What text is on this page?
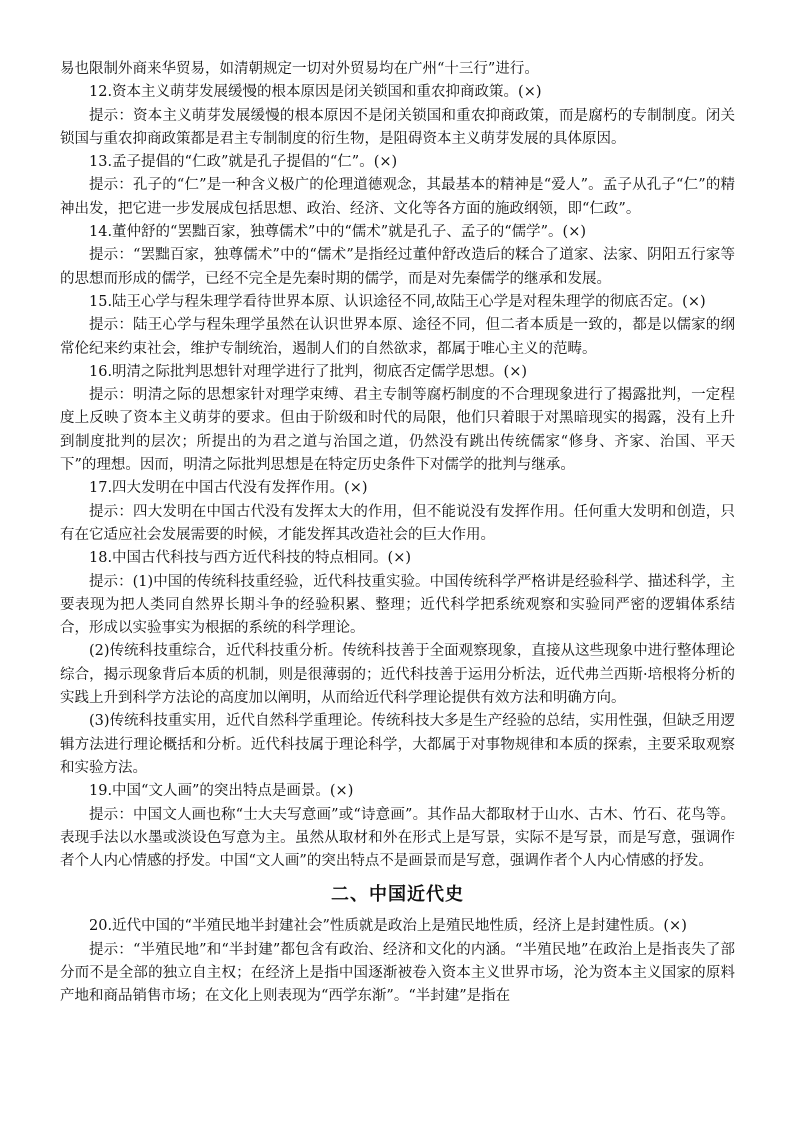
易也限制外商来华贸易，如清朝规定一切对外贸易均在广州“十三行”进行。

12.资本主义萌芽发展缓慢的根本原因是闭关锁国和重农抑商政策。(×)

提示：资本主义萌芽发展缓慢的根本原因不是闭关锁国和重农抑商政策，而是腐朽的专制制度。闭关锁国与重农抑商政策都是君主专制制度的衍生物，是阻碍资本主义萌芽发展的具体原因。

13.孟子提倡的“仁政”就是孔子提倡的“仁”。(×)

提示：孔子的“仁”是一种含义极广的伦理道德观念，其最基本的精神是“爱人”。孟子从孔子“仁”的精神出发，把它进一步发展成包括思想、政治、经济、文化等各方面的施政纲领，即“仁政”。

14.董仲舒的“罢黜百家，独尊儒术”中的“儒术”就是孔子、孟子的“儒学”。(×)

提示：“罢黜百家，独尊儒术”中的“儒术”是指经过董仲舒改造后的糅合了道家、法家、阴阳五行家等的思想而形成的儒学，已经不完全是先秦时期的儒学，而是对先秦儒学的继承和发展。

15.陆王心学与程朱理学看待世界本原、认识途径不同,故陆王心学是对程朱理学的彻底否定。(×)

提示：陆王心学与程朱理学虽然在认识世界本原、途径不同，但二者本质是一致的，都是以儒家的纲常伦纪来约束社会，维护专制统治，遏制人们的自然欲求，都属于唯心主义的范畴。

16.明清之际批判思想针对理学进行了批判，彻底否定儒学思想。(×)

提示：明清之际的思想家针对理学束缚、君主专制等腐朽制度的不合理现象进行了揭露批判，一定程度上反映了资本主义萌芽的要求。但由于阶级和时代的局限，他们只着眼于对黑暗现实的揭露，没有上升到制度批判的层次；所提出的为君之道与治国之道，仍然没有跳出传统儒家“修身、齐家、治国、平天下”的理想。因而，明清之际批判思想是在特定历史条件下对儒学的批判与继承。

17.四大发明在中国古代没有发挥作用。(×)

提示：四大发明在中国古代没有发挥太大的作用，但不能说没有发挥作用。任何重大发明和创造，只有在它适应社会发展需要的时候，才能发挥其改造社会的巨大作用。

18.中国古代科技与西方近代科技的特点相同。(×)

提示：(1)中国的传统科技重经验，近代科技重实验。中国传统科学严格讲是经验科学、描述科学，主要表现为把人类同自然界长期斗争的经验积累、整理；近代科学把系统观察和实验同严密的逻辑体系结合，形成以实验事实为根据的系统的科学理论。

(2)传统科技重综合，近代科技重分析。传统科技善于全面观察现象，直接从这些现象中进行整体理论综合，揭示现象背后本质的机制，则是很薄弱的；近代科技善于运用分析法，近代弗兰西斯·培根将分析的实践上升到科学方法论的高度加以阐明，从而给近代科学理论提供有效方法和明确方向。

(3)传统科技重实用，近代自然科学重理论。传统科技大多是生产经验的总结，实用性强，但缺乏用逻辑方法进行理论概括和分析。近代科技属于理论科学，大都属于对事物规律和本质的探索，主要采取观察和实验方法。

19.中国“文人画”的突出特点是画景。(×)

提示：中国文人画也称“士大夫写意画”或“诗意画”。其作品大都取材于山水、古木、竹石、花鸟等。表现手法以水墨或淡设色写意为主。虽然从取材和外在形式上是写景，实际不是写景，而是写意，强调作者个人内心情感的抒发。中国“文人画”的突出特点不是画景而是写意，强调作者个人内心情感的抒发。

二、中国近代史

20.近代中国的“半殖民地半封建社会”性质就是政治上是殖民地性质，经济上是封建性质。(×)

提示：“半殖民地”和“半封建”都包含有政治、经济和文化的内涵。“半殖民地”在政治上是指丧失了部分而不是全部的独立自主权；在经济上是指中国逐渐被卷入资本主义世界市场，沦为资本主义国家的原料产地和商品销售市场；在文化上则表现为“西学东渐”。“半封建”是指在
